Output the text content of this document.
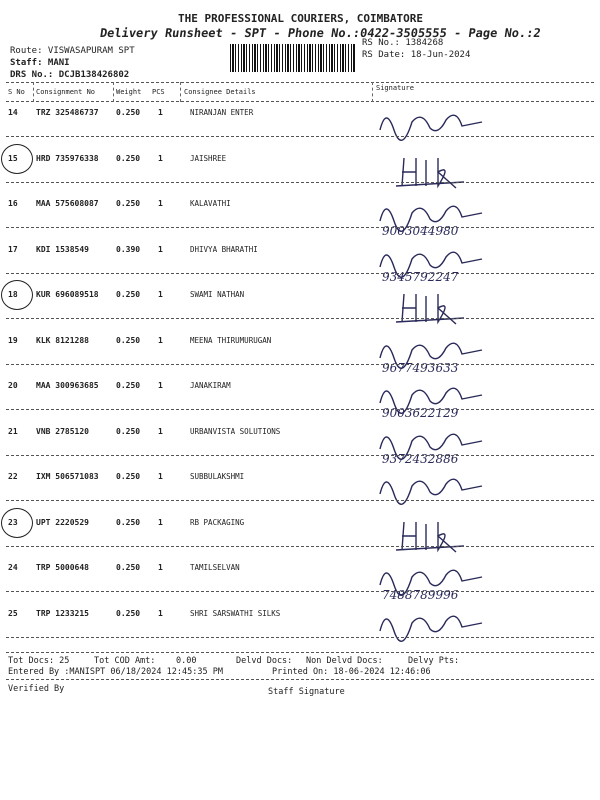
THE PROFESSIONAL COURIERS, COIMBATORE
Delivery Runsheet - SPT - Phone No.:0422-3505555 - Page No.:2
Route: VISWASAPURAM SPT
Staff: MANI
DRS No.: DCJB138426802
RS No.: 1384268
RS Date: 18-Jun-2024
S No Consignment No	Weight PCS	Consignee Details	Signature
14 TRZ 325486737 0.250 1	NIRANJAN ENTER
15 HRD 735976338 0.250 1	JAISHREE
16 MAA 575608087 0.250 1	KALAVATHI
9003044980
17 KDI 1538549	0.390 1	DHIVYA BHARATHI
9345792247
18 KUR 696089518 0.250 1	SWAMI NATHAN
19 KLK 8121288	0.250 1	MEENA THIRUMURUGAN
9677493633
20 MAA 300963685 0.250 1	JANAKIRAM
9003622129
21 VNB 2785120	0.250 1	URBANVISTA SOLUTIONS
9372432886
22 IXM 506571083 0.250 1	SUBBULAKSHMI
23 UPT 2220529	0.250 1	RB PACKAGING
24 TRP 5000648	0.250 1	TAMILSELVAN
7488789996
25 TRP 1233215	0.250 1	SHRI SARSWATHI SILKS
Tot Docs: 25	Tot COD Amt: 0.00	Delvd Docs: Non Delvd Docs:	Delvy Pts:
Entered By :MANISPT 06/18/2024 12:45:35 PM	Printed On: 18-06-2024 12:46:06
Verified By	Staff Signature
